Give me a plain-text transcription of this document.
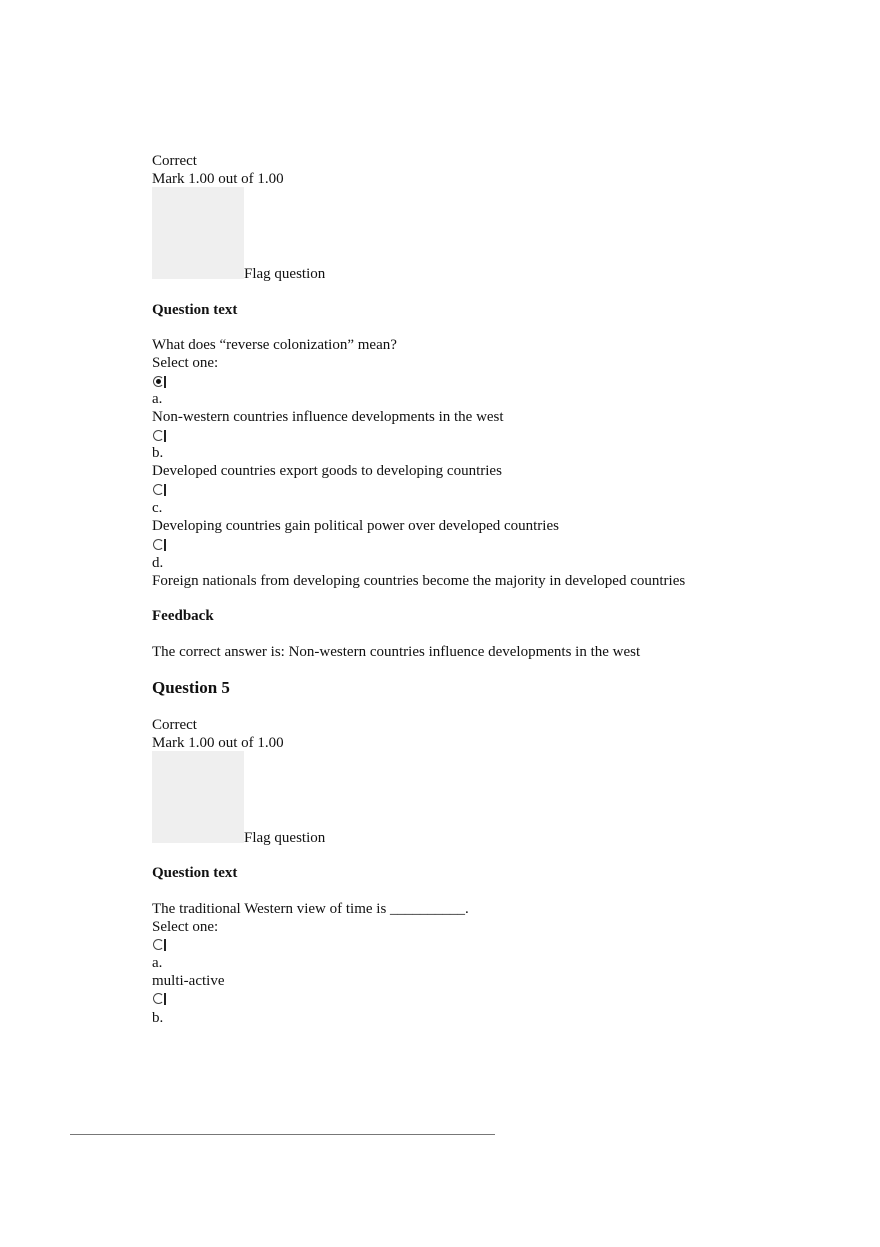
Correct
Mark 1.00 out of 1.00
Flag question
Question text
What does “reverse colonization” mean?
Select one:
a.
Non-western countries influence developments in the west
b.
Developed countries export goods to developing countries
c.
Developing countries gain political power over developed countries
d.
Foreign nationals from developing countries become the majority in developed countries
Feedback
The correct answer is: Non-western countries influence developments in the west
Question 5
Correct
Mark 1.00 out of 1.00
Flag question
Question text
The traditional Western view of time is __________.
Select one:
a.
multi-active
b.
